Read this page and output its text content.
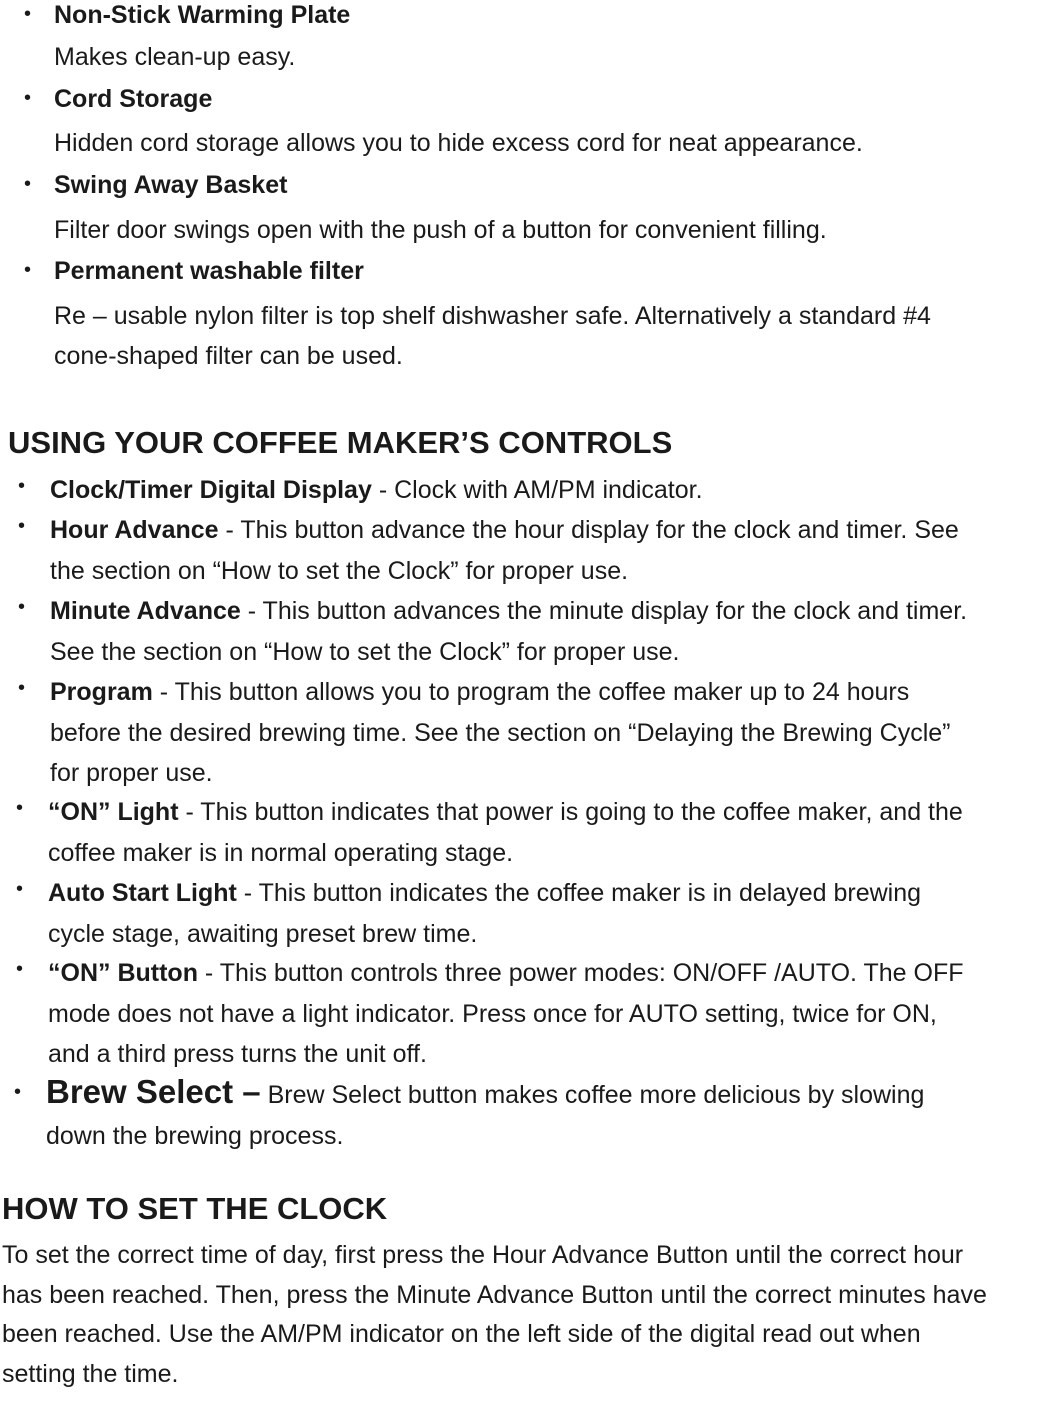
• Non-Stick Warming Plate
Makes clean-up easy.
• Cord Storage
Hidden cord storage allows you to hide excess cord for neat appearance.
• Swing Away Basket
Filter door swings open with the push of a button for convenient filling.
• Permanent washable filter
Re – usable nylon filter is top shelf dishwasher safe. Alternatively a standard #4 cone-shaped filter can be used.
USING YOUR COFFEE MAKER’S CONTROLS
• Clock/Timer Digital Display - Clock with AM/PM indicator.
• Hour Advance - This button advance the hour display for the clock and timer. See the section on “How to set the Clock” for proper use.
• Minute Advance - This button advances the minute display for the clock and timer. See the section on “How to set the Clock” for proper use.
• Program - This button allows you to program the coffee maker up to 24 hours before the desired brewing time. See the section on “Delaying the Brewing Cycle” for proper use.
• “ON” Light - This button indicates that power is going to the coffee maker, and the coffee maker is in normal operating stage.
• Auto Start Light - This button indicates the coffee maker is in delayed brewing cycle stage, awaiting preset brew time.
• “ON” Button - This button controls three power modes: ON/OFF /AUTO. The OFF mode does not have a light indicator. Press once for AUTO setting, twice for ON, and a third press turns the unit off.
• Brew Select – Brew Select button makes coffee more delicious by slowing down the brewing process.
HOW TO SET THE CLOCK
To set the correct time of day, first press the Hour Advance Button until the correct hour has been reached. Then, press the Minute Advance Button until the correct minutes have been reached. Use the AM/PM indicator on the left side of the digital read out when setting the time.
